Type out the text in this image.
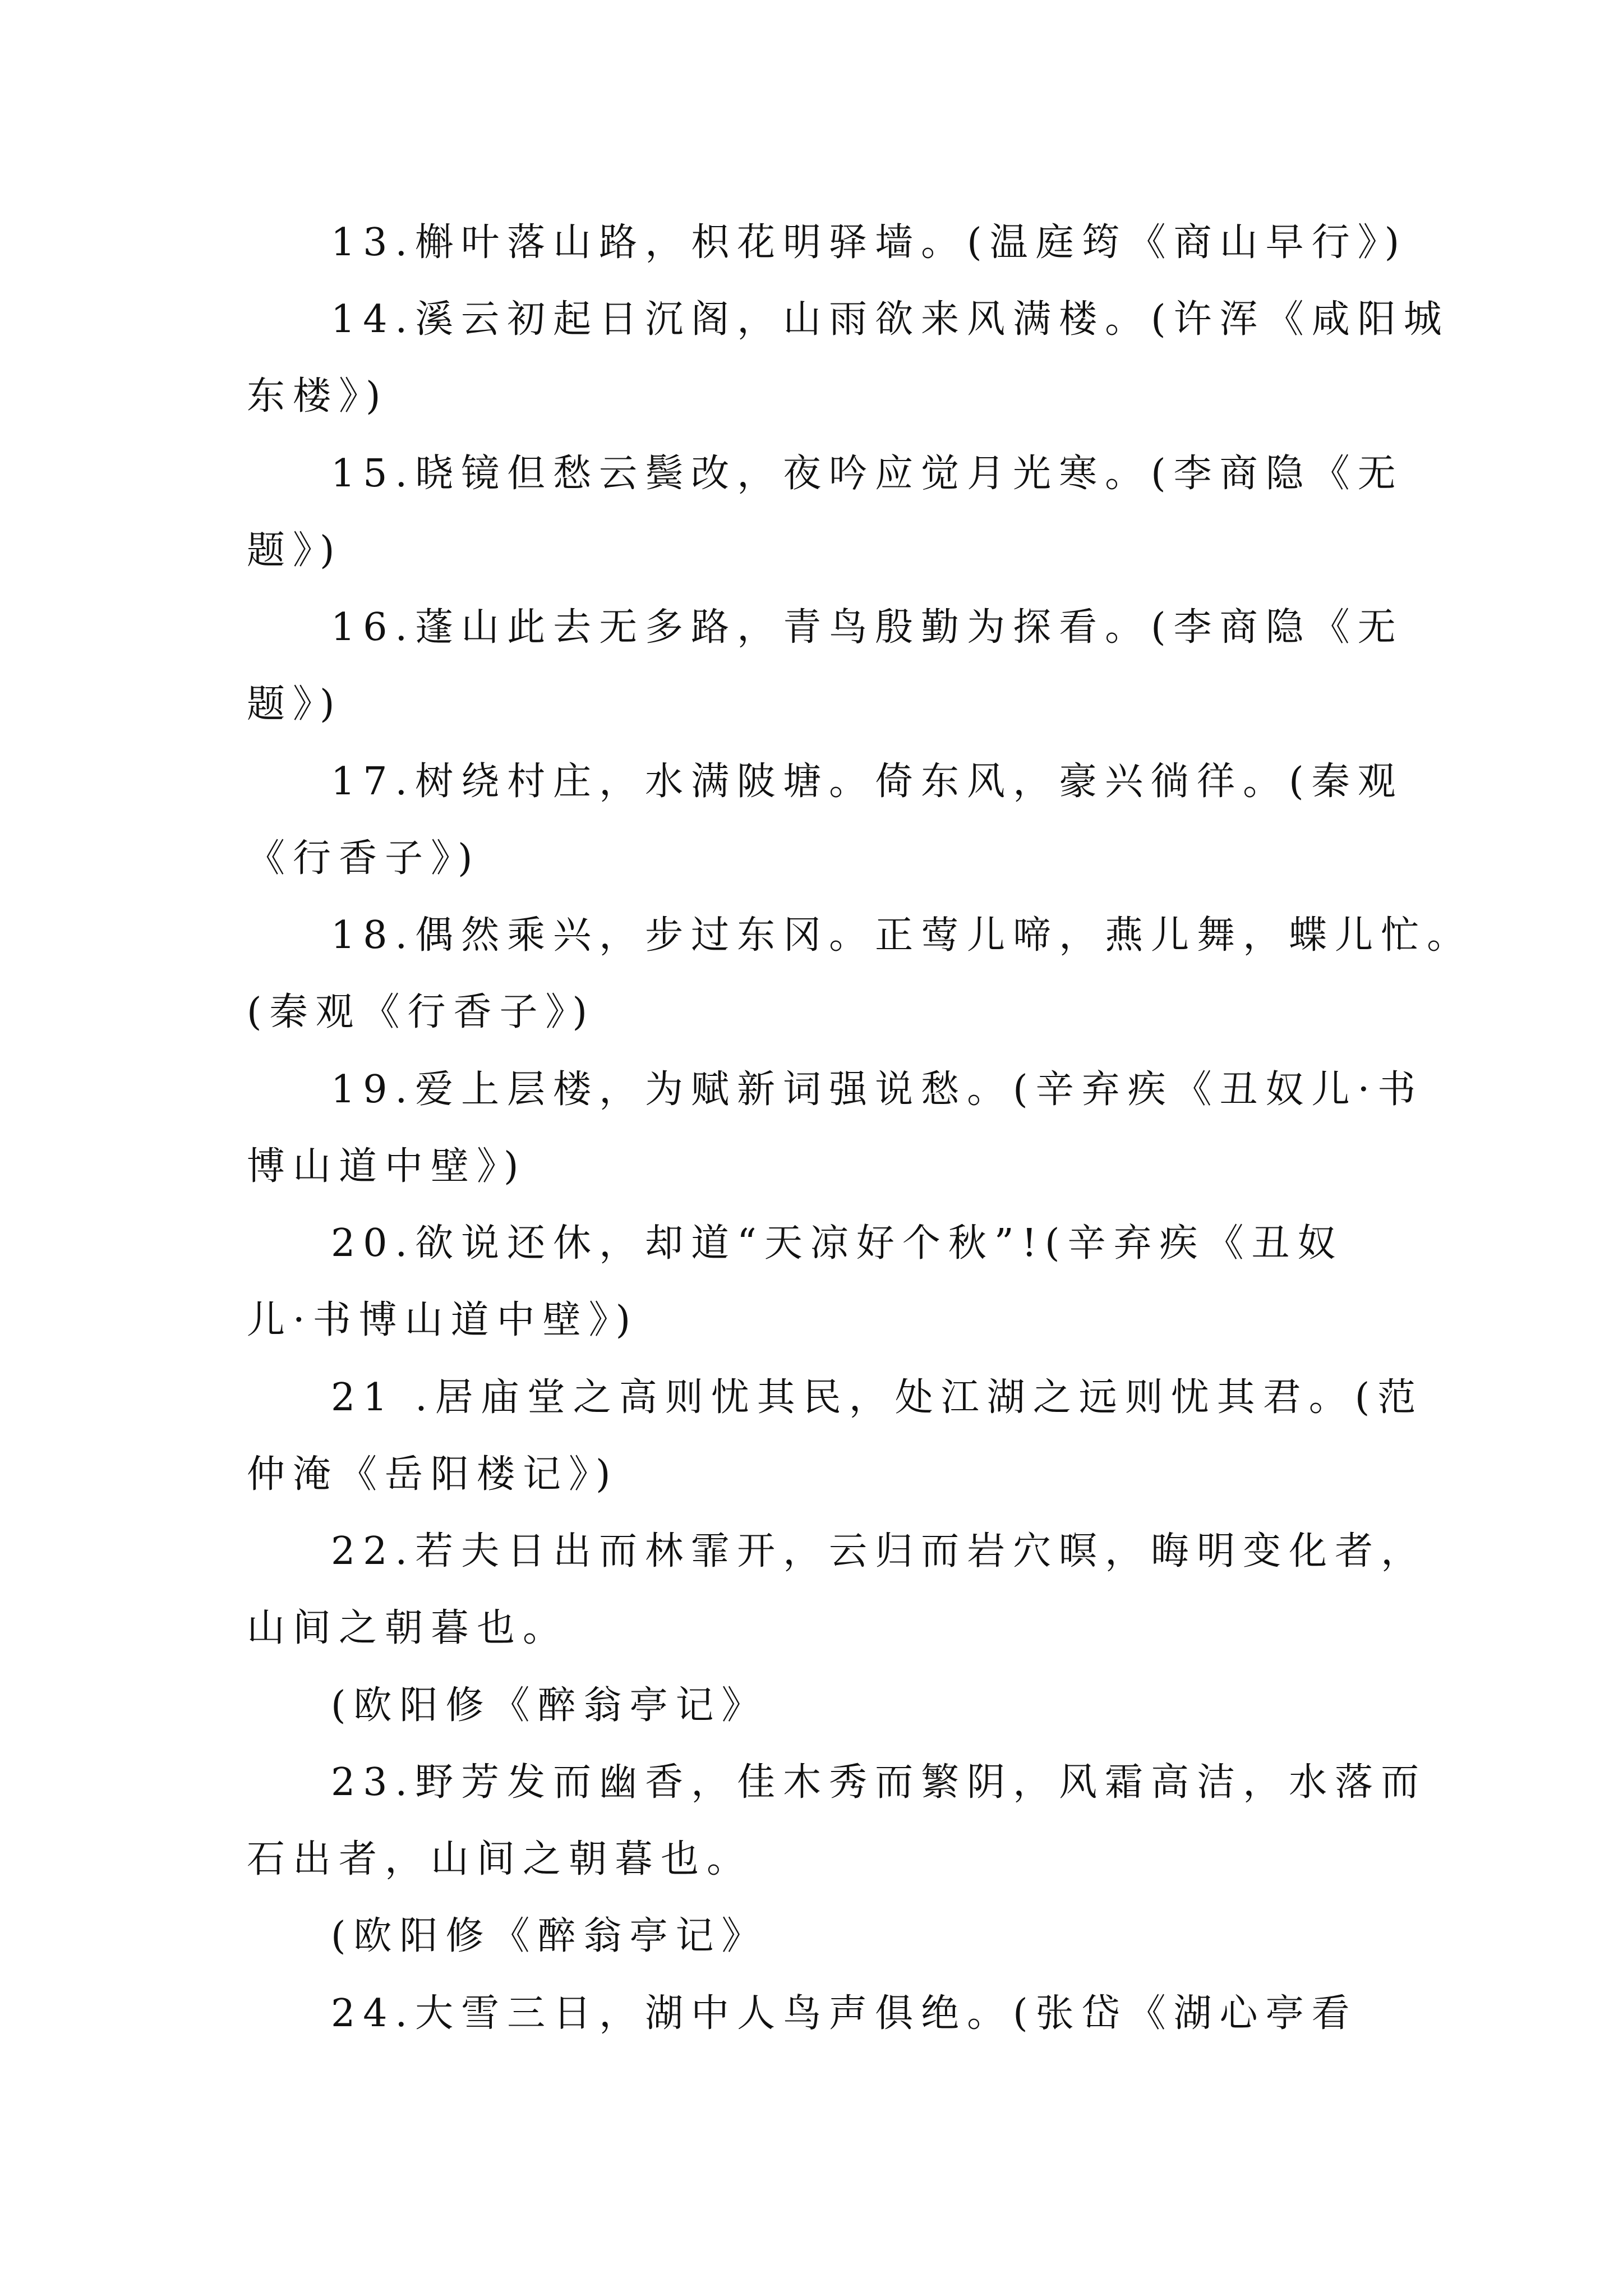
13.槲叶落山路，枳花明驿墙。(温庭筠《商山早行》)
14.溪云初起日沉阁，山雨欲来风满楼。(许浑《咸阳城
东楼》)
15.晓镜但愁云鬓改，夜吟应觉月光寒。(李商隐《无
题》)
16.蓬山此去无多路，青鸟殷勤为探看。(李商隐《无
题》)
17.树绕村庄，水满陂塘。倚东风，豪兴徜徉。(秦观
《行香子》)
18.偶然乘兴，步过东冈。正莺儿啼，燕儿舞，蝶儿忙。
(秦观《行香子》)
19.爱上层楼，为赋新词强说愁。(辛弃疾《丑奴儿·书
博山道中壁》)
20.欲说还休，却道“天凉好个秋”!(辛弃疾《丑奴
儿·书博山道中壁》)
21 .居庙堂之高则忧其民，处江湖之远则忧其君。(范
仲淹《岳阳楼记》)
22.若夫日出而林霏开，云归而岩穴暝，晦明变化者，
山间之朝暮也。
(欧阳修《醉翁亭记》
23.野芳发而幽香，佳木秀而繁阴，风霜高洁，水落而
石出者，山间之朝暮也。
(欧阳修《醉翁亭记》
24.大雪三日，湖中人鸟声俱绝。(张岱《湖心亭看
